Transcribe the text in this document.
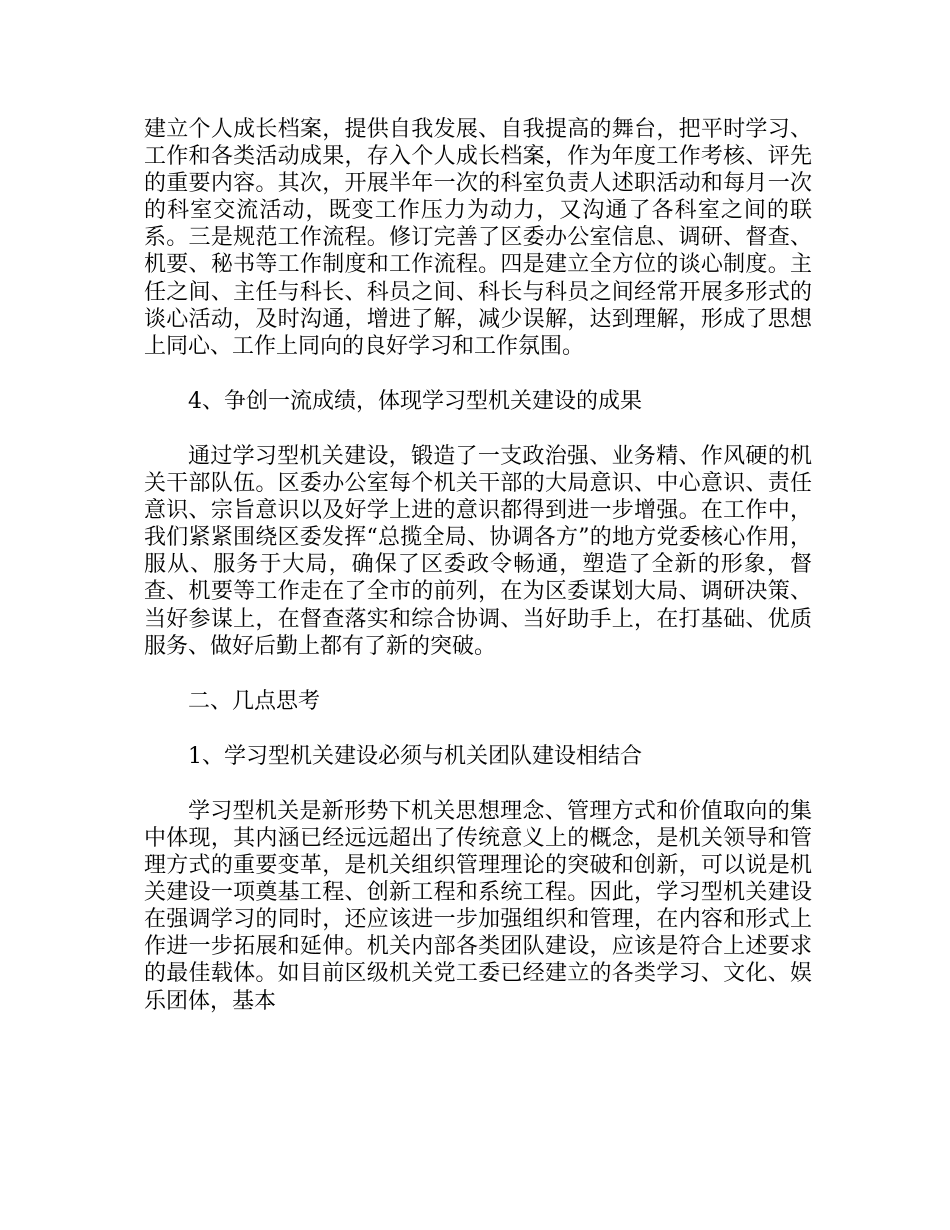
建立个人成长档案，提供自我发展、自我提高的舞台，把平时学习、工作和各类活动成果，存入个人成长档案，作为年度工作考核、评先的重要内容。其次，开展半年一次的科室负责人述职活动和每月一次的科室交流活动，既变工作压力为动力，又沟通了各科室之间的联系。三是规范工作流程。修订完善了区委办公室信息、调研、督查、机要、秘书等工作制度和工作流程。四是建立全方位的谈心制度。主任之间、主任与科长、科员之间、科长与科员之间经常开展多形式的谈心活动，及时沟通，增进了解，减少误解，达到理解，形成了思想上同心、工作上同向的良好学习和工作氛围。

4、争创一流成绩，体现学习型机关建设的成果

通过学习型机关建设，锻造了一支政治强、业务精、作风硬的机关干部队伍。区委办公室每个机关干部的大局意识、中心意识、责任意识、宗旨意识以及好学上进的意识都得到进一步增强。在工作中，我们紧紧围绕区委发挥“总揽全局、协调各方”的地方党委核心作用，服从、服务于大局，确保了区委政令畅通，塑造了全新的形象，督查、机要等工作走在了全市的前列，在为区委谋划大局、调研决策、当好参谋上，在督查落实和综合协调、当好助手上，在打基础、优质服务、做好后勤上都有了新的突破。

二、几点思考

1、学习型机关建设必须与机关团队建设相结合

学习型机关是新形势下机关思想理念、管理方式和价值取向的集中体现，其内涵已经远远超出了传统意义上的概念，是机关领导和管理方式的重要变革，是机关组织管理理论的突破和创新，可以说是机关建设一项奠基工程、创新工程和系统工程。因此，学习型机关建设在强调学习的同时，还应该进一步加强组织和管理，在内容和形式上作进一步拓展和延伸。机关内部各类团队建设，应该是符合上述要求的最佳载体。如目前区级机关党工委已经建立的各类学习、文化、娱乐团体，基本
